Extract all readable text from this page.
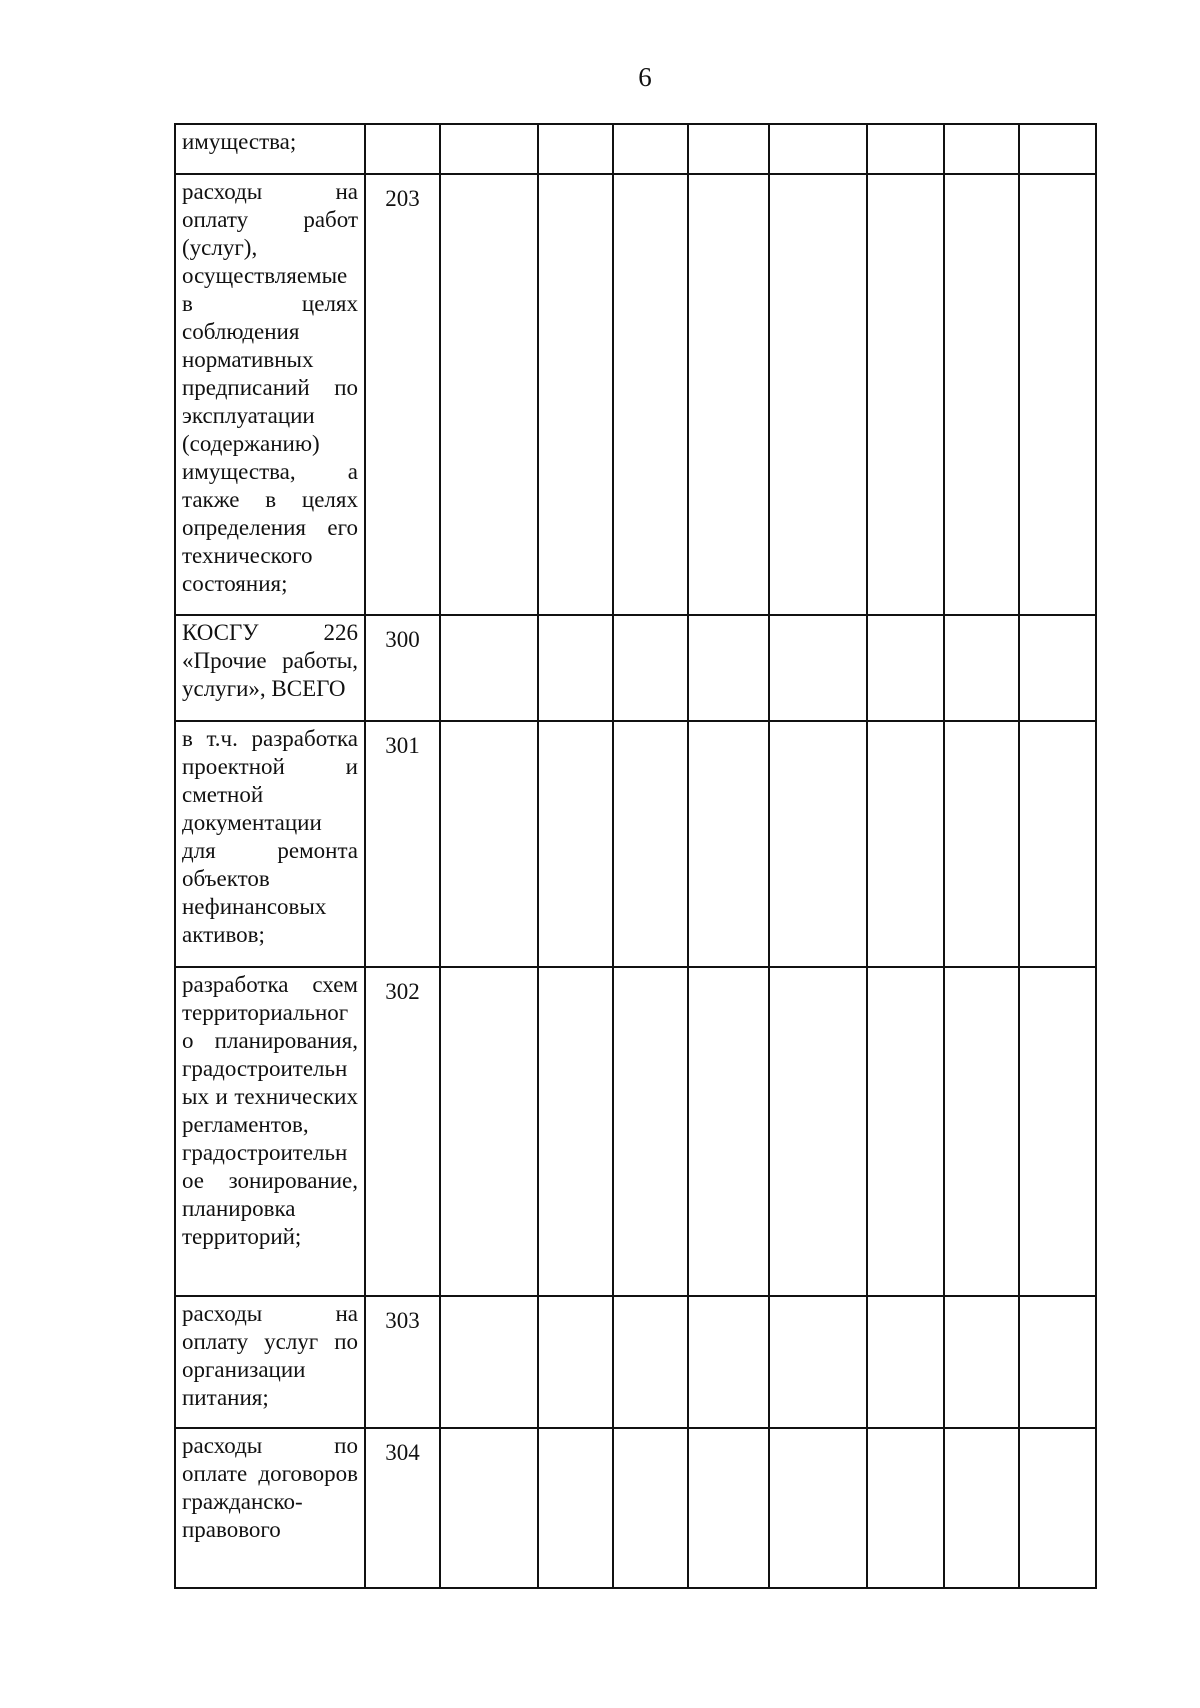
6
имущества;									

расходы на оплату работ (услуг), осуществляемые в целях соблюдения нормативных предписаний по эксплуатации (содержанию) имущества, а также в целях определения его технического состояния;	203								

КОСГУ 226 «Прочие работы, услуги», ВСЕГО	300								

в т.ч. разработка проектной и сметной документации для ремонта объектов нефинансовых активов;	301								

разработка схем территориальног о планирования, градостроительн ых и технических регламентов, градостроительн ое зонирование, планировка территорий;	302								

расходы на оплату услуг по организации питания;	303								

расходы по оплате договоров гражданско-правового	304								
